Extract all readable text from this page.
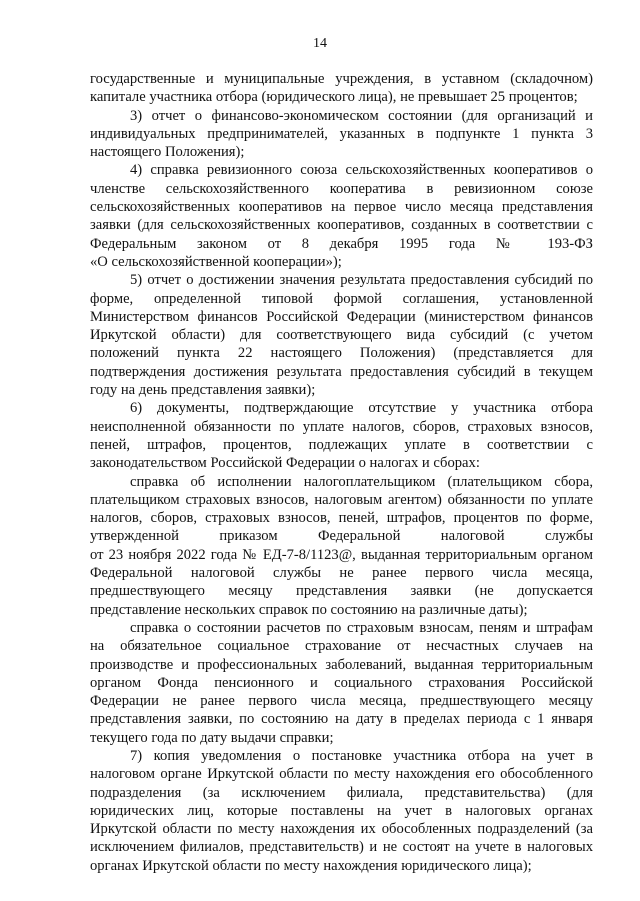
14
государственные и муниципальные учреждения, в уставном (складочном)
капитале участника отбора (юридического лица), не превышает 25 процентов;
3) отчет о финансово-экономическом состоянии (для организаций и
индивидуальных предпринимателей, указанных в подпункте 1 пункта 3
настоящего Положения);
4) справка ревизионного союза сельскохозяйственных кооперативов о
членстве сельскохозяйственного кооператива в ревизионном союзе
сельскохозяйственных кооперативов на первое число месяца представления
заявки (для сельскохозяйственных кооперативов, созданных в соответствии с
Федеральным законом от 8 декабря 1995 года № 193-ФЗ
«О сельскохозяйственной кооперации»);
5) отчет о достижении значения результата предоставления субсидий по
форме, определенной типовой формой соглашения, установленной
Министерством финансов Российской Федерации (министерством финансов
Иркутской области) для соответствующего вида субсидий (с учетом
положений пункта 22 настоящего Положения) (представляется для
подтверждения достижения результата предоставления субсидий в текущем
году на день представления заявки);
6) документы, подтверждающие отсутствие у участника отбора
неисполненной обязанности по уплате налогов, сборов, страховых взносов,
пеней, штрафов, процентов, подлежащих уплате в соответствии с
законодательством Российской Федерации о налогах и сборах:
справка об исполнении налогоплательщиком (плательщиком сбора,
плательщиком страховых взносов, налоговым агентом) обязанности по уплате
налогов, сборов, страховых взносов, пеней, штрафов, процентов по форме,
утвержденной приказом Федеральной налоговой службы
от 23 ноября 2022 года № ЕД-7-8/1123@, выданная территориальным органом
Федеральной налоговой службы не ранее первого числа месяца,
предшествующего месяцу представления заявки (не допускается
представление нескольких справок по состоянию на различные даты);
справка о состоянии расчетов по страховым взносам, пеням и штрафам
на обязательное социальное страхование от несчастных случаев на
производстве и профессиональных заболеваний, выданная территориальным
органом Фонда пенсионного и социального страхования Российской
Федерации не ранее первого числа месяца, предшествующего месяцу
представления заявки, по состоянию на дату в пределах периода с 1 января
текущего года по дату выдачи справки;
7) копия уведомления о постановке участника отбора на учет в
налоговом органе Иркутской области по месту нахождения его обособленного
подразделения (за исключением филиала, представительства) (для
юридических лиц, которые поставлены на учет в налоговых органах
Иркутской области по месту нахождения их обособленных подразделений (за
исключением филиалов, представительств) и не состоят на учете в налоговых
органах Иркутской области по месту нахождения юридического лица);
